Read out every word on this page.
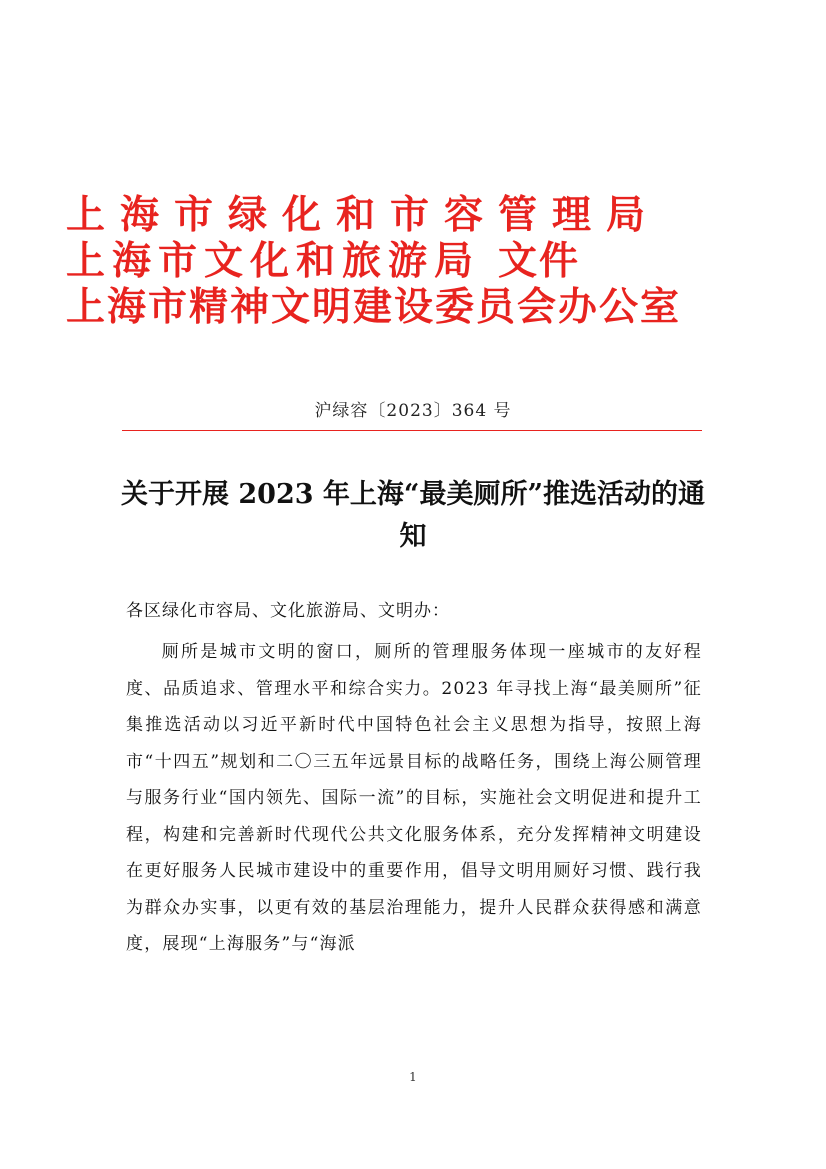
上海市绿化和市容管理局
上海市文化和旅游局 文件
上海市精神文明建设委员会办公室
沪绿容〔2023〕364 号
关于开展 2023 年上海“最美厕所”推选活动的通知
各区绿化市容局、文化旅游局、文明办：
厕所是城市文明的窗口，厕所的管理服务体现一座城市的友好程度、品质追求、管理水平和综合实力。2023 年寻找上海“最美厕所”征集推选活动以习近平新时代中国特色社会主义思想为指导，按照上海市“十四五”规划和二〇三五年远景目标的战略任务，围绕上海公厕管理与服务行业“国内领先、国际一流”的目标，实施社会文明促进和提升工程，构建和完善新时代现代公共文化服务体系，充分发挥精神文明建设在更好服务人民城市建设中的重要作用，倡导文明用厕好习惯、践行我为群众办实事，以更有效的基层治理能力，提升人民群众获得感和满意度，展现“上海服务”与“海派
1
